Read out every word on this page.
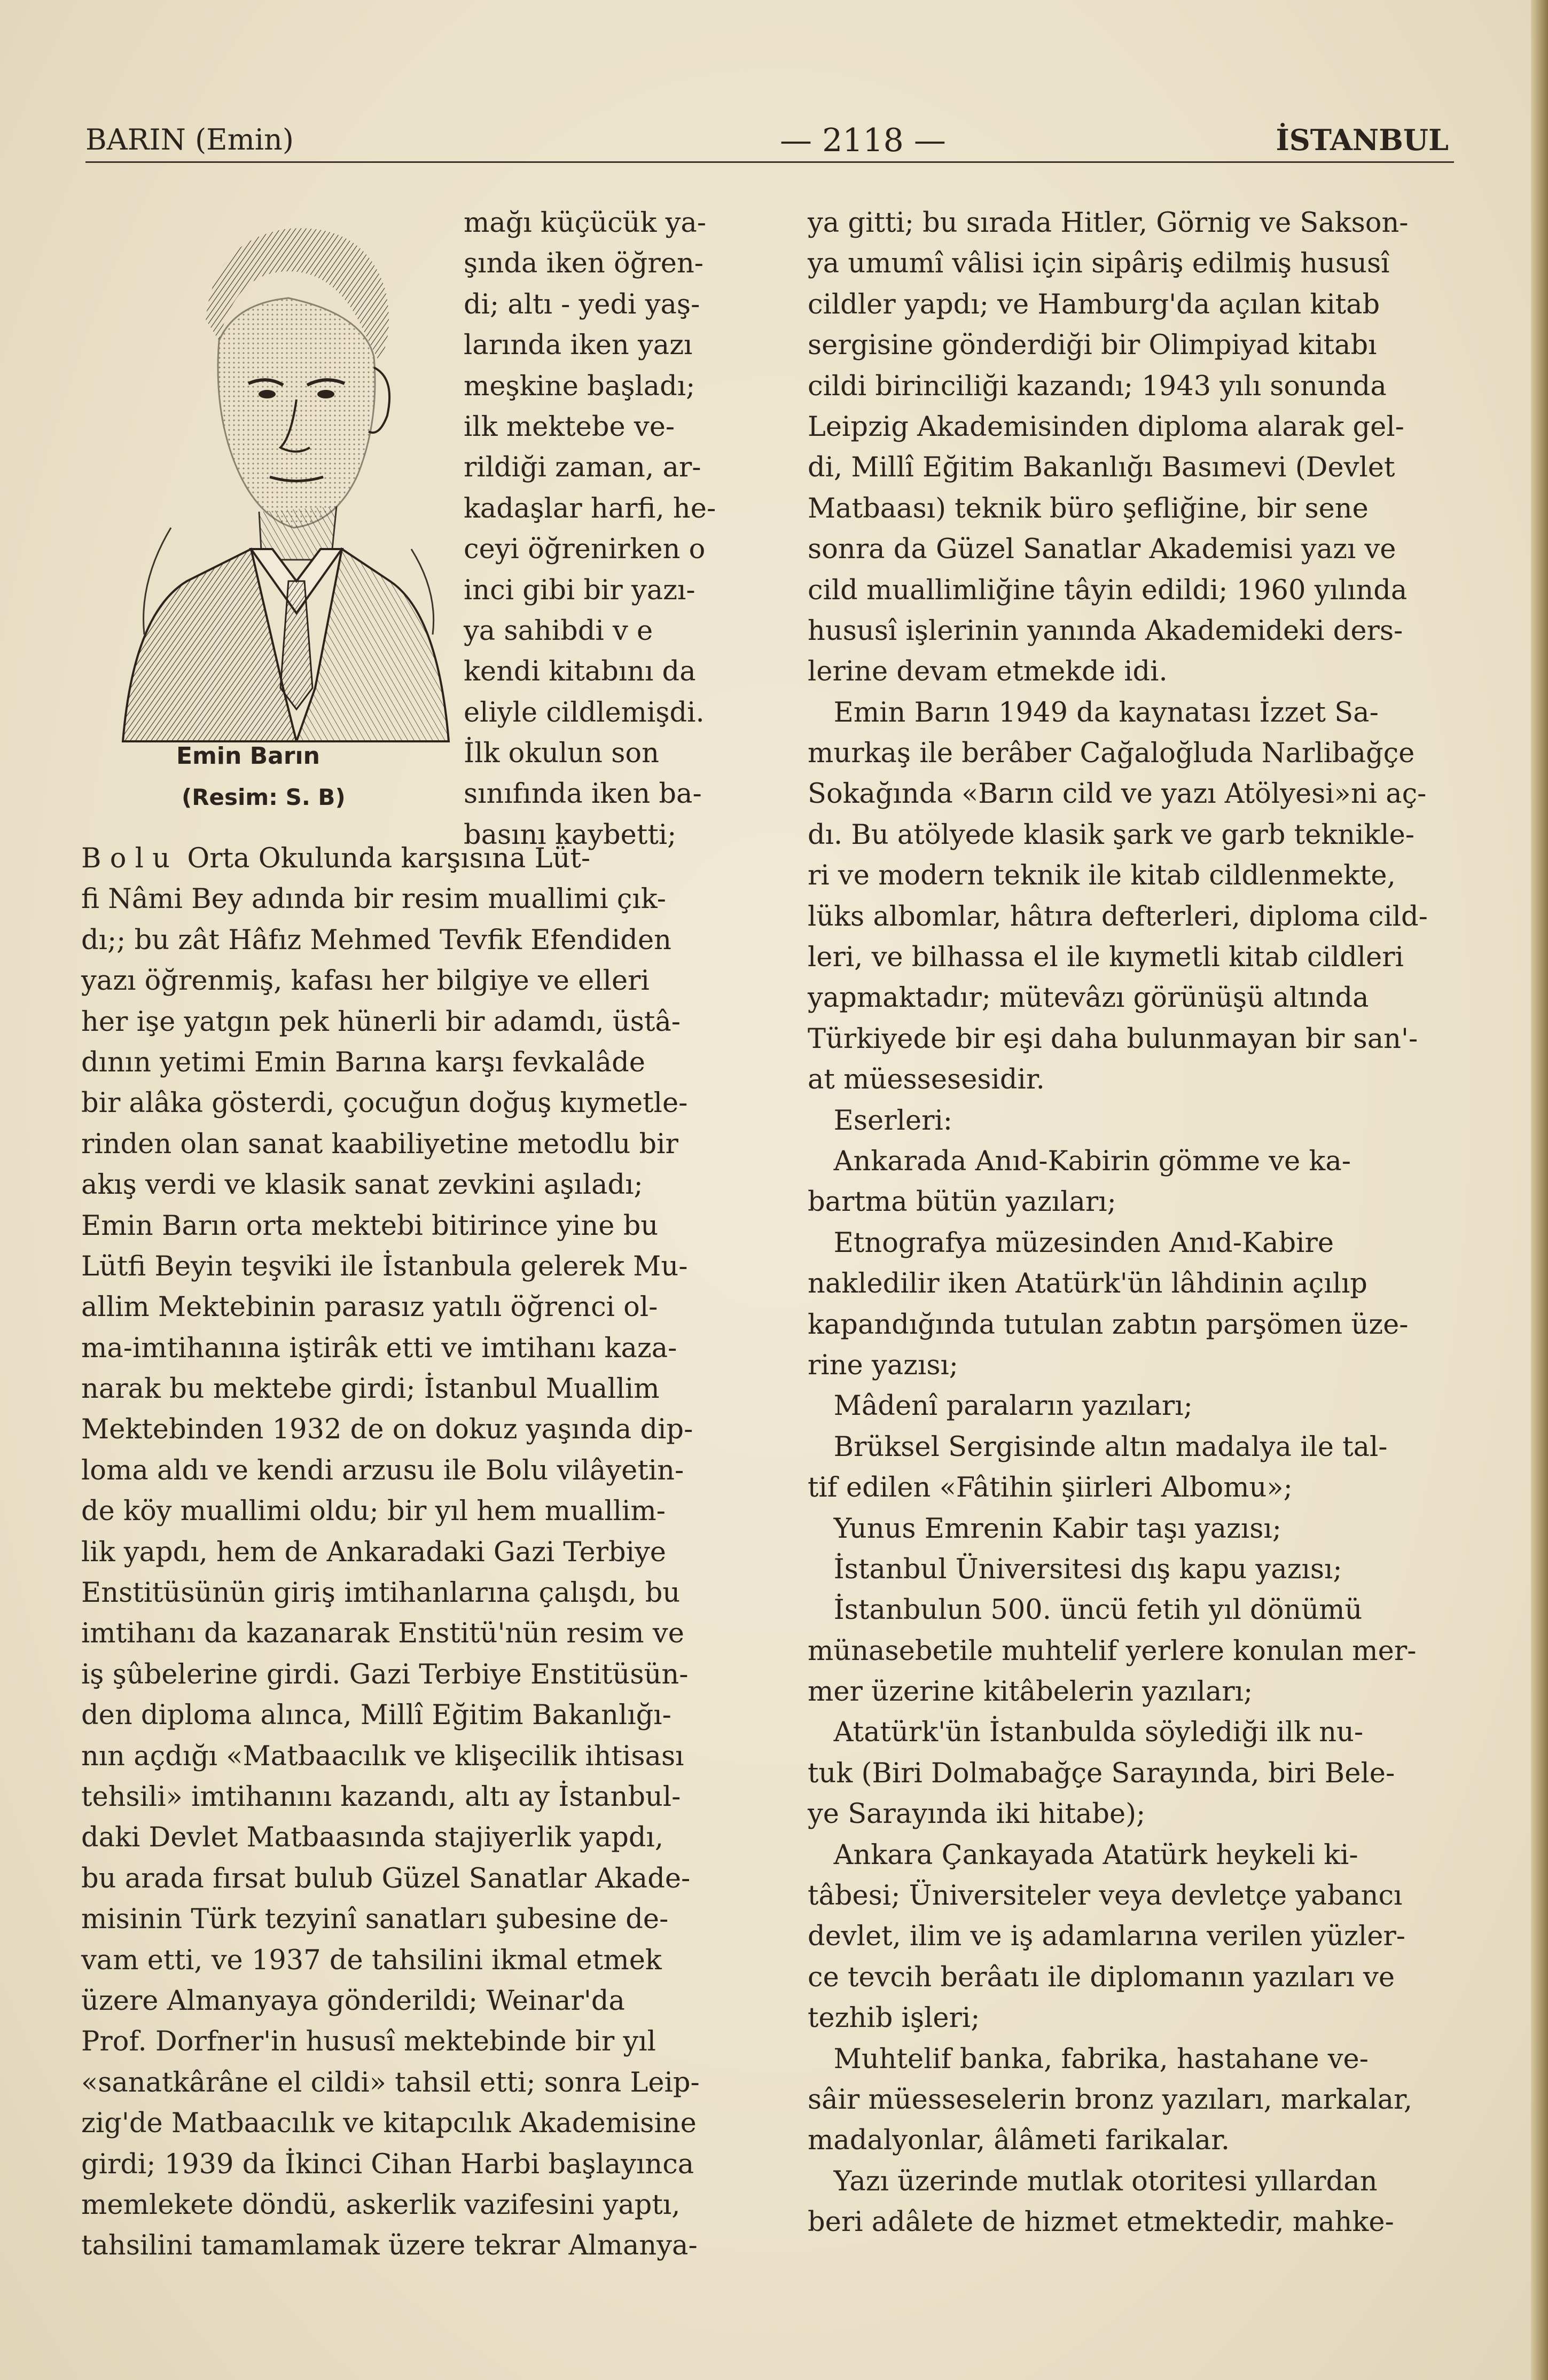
BARIN (Emin)	— 2118 —	İSTANBUL
Emin Barın
(Resim: S. B)
mağı küçücük ya-
şında iken öğren-
di; altı - yedi yaş-
larında iken yazı
meşkine başladı;
ilk mektebe ve-
rildiği zaman, ar-
kadaşlar harfi, he-
ceyi öğrenirken o
inci gibi bir yazı-
ya sahibdi v e
kendi kitabını da
eliyle cildlemişdi.
İlk okulun son
sınıfında iken ba-
basını kaybetti;
B o l u  Orta Okulunda karşısına Lüt-
fi Nâmi Bey adında bir resim muallimi çık-
dı;; bu zât Hâfız Mehmed Tevfik Efendiden
yazı öğrenmiş, kafası her bilgiye ve elleri
her işe yatgın pek hünerli bir adamdı, üstâ-
dının yetimi Emin Barına karşı fevkalâde
bir alâka gösterdi, çocuğun doğuş kıymetle-
rinden olan sanat kaabiliyetine metodlu bir
akış verdi ve klasik sanat zevkini aşıladı;
Emin Barın orta mektebi bitirince yine bu
Lütfi Beyin teşviki ile İstanbula gelerek Mu-
allim Mektebinin parasız yatılı öğrenci ol-
ma-imtihanına iştirâk etti ve imtihanı kaza-
narak bu mektebe girdi; İstanbul Muallim
Mektebinden 1932 de on dokuz yaşında dip-
loma aldı ve kendi arzusu ile Bolu vilâyetin-
de köy muallimi oldu; bir yıl hem muallim-
lik yapdı, hem de Ankaradaki Gazi Terbiye
Enstitüsünün giriş imtihanlarına çalışdı, bu
imtihanı da kazanarak Enstitü'nün resim ve
iş şûbelerine girdi. Gazi Terbiye Enstitüsün-
den diploma alınca, Millî Eğitim Bakanlığı-
nın açdığı «Matbaacılık ve klişecilik ihtisası
tehsili» imtihanını kazandı, altı ay İstanbul-
daki Devlet Matbaasında stajiyerlik yapdı,
bu arada fırsat bulub Güzel Sanatlar Akade-
misinin Türk tezyinî sanatları şubesine de-
vam etti, ve 1937 de tahsilini ikmal etmek
üzere Almanyaya gönderildi; Weinar'da
Prof. Dorfner'in hususî mektebinde bir yıl
«sanatkârâne el cildi» tahsil etti; sonra Leip-
zig'de Matbaacılık ve kitapcılık Akademisine
girdi; 1939 da İkinci Cihan Harbi başlayınca
memlekete döndü, askerlik vazifesini yaptı,
tahsilini tamamlamak üzere tekrar Almanya-
ya gitti; bu sırada Hitler, Görnig ve Sakson-
ya umumî vâlisi için sipâriş edilmiş hususî
cildler yapdı; ve Hamburg'da açılan kitab
sergisine gönderdiği bir Olimpiyad kitabı
cildi birinciliği kazandı; 1943 yılı sonunda
Leipzig Akademisinden diploma alarak gel-
di, Millî Eğitim Bakanlığı Basımevi (Devlet
Matbaası) teknik büro şefliğine, bir sene
sonra da Güzel Sanatlar Akademisi yazı ve
cild muallimliğine tâyin edildi; 1960 yılında
hususî işlerinin yanında Akademideki ders-
lerine devam etmekde idi.
Emin Barın 1949 da kaynatası İzzet Sa-
murkaş ile berâber Cağaloğluda Narlibağçe
Sokağında «Barın cild ve yazı Atölyesi»ni aç-
dı. Bu atölyede klasik şark ve garb teknikle-
ri ve modern teknik ile kitab cildlenmekte,
lüks albomlar, hâtıra defterleri, diploma cild-
leri, ve bilhassa el ile kıymetli kitab cildleri
yapmaktadır; mütevâzı görünüşü altında
Türkiyede bir eşi daha bulunmayan bir san'-
at müessesesidir.
Eserleri:
Ankarada Anıd-Kabirin gömme ve ka-
bartma bütün yazıları;
Etnografya müzesinden Anıd-Kabire
nakledilir iken Atatürk'ün lâhdinin açılıp
kapandığında tutulan zabtın parşömen üze-
rine yazısı;
Mâdenî paraların yazıları;
Brüksel Sergisinde altın madalya ile tal-
tif edilen «Fâtihin şiirleri Albomu»;
Yunus Emrenin Kabir taşı yazısı;
İstanbul Üniversitesi dış kapu yazısı;
İstanbulun 500. üncü fetih yıl dönümü
münasebetile muhtelif yerlere konulan mer-
mer üzerine kitâbelerin yazıları;
Atatürk'ün İstanbulda söylediği ilk nu-
tuk (Biri Dolmabağçe Sarayında, biri Bele-
ye Sarayında iki hitabe);
Ankara Çankayada Atatürk heykeli ki-
tâbesi; Üniversiteler veya devletçe yabancı
devlet, ilim ve iş adamlarına verilen yüzler-
ce tevcih berâatı ile diplomanın yazıları ve
tezhib işleri;
Muhtelif banka, fabrika, hastahane ve-
sâir müesseselerin bronz yazıları, markalar,
madalyonlar, âlâmeti farikalar.
Yazı üzerinde mutlak otoritesi yıllardan
beri adâlete de hizmet etmektedir, mahke-
